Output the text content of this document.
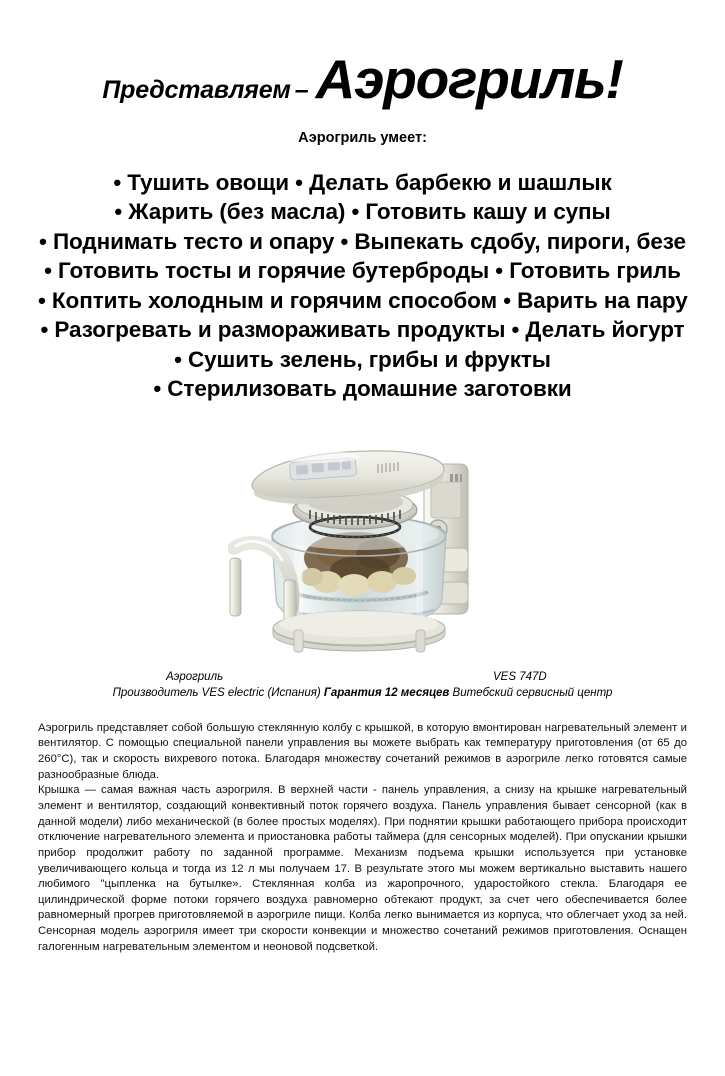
Представляем – Аэрогриль!
Аэрогриль умеет:
• Тушить овощи • Делать барбекю и шашлык
• Жарить (без масла) • Готовить кашу и супы
• Поднимать тесто и опару • Выпекать сдобу, пироги, безе
• Готовить тосты и горячие бутерброды • Готовить гриль
• Коптить холодным и горячим способом • Варить на пару
• Разогревать и размораживать продукты • Делать йогурт
• Сушить зелень, грибы и фрукты
• Стерилизовать домашние заготовки
Аэрогриль	VES 747D
Производитель VES electric (Испания) Гарантия 12 месяцев Витебский сервисный центр

Аэрогриль представляет собой большую стеклянную колбу с крышкой, в которую вмонтирован нагревательный элемент и вентилятор. С помощью специальной панели управления вы можете выбрать как температуру приготовления (от 65 до 260°С), так и скорость вихревого потока. Благодаря множеству сочетаний режимов в аэрогриле легко готовятся самые разнообразные блюда.

Крышка — самая важная часть аэрогриля. В верхней части - панель управления, а снизу на крышке нагревательный элемент и вентилятор, создающий конвективный поток горячего воздуха. Панель управления бывает сенсорной (как в данной модели) либо механической (в более простых моделях). При поднятии крышки работающего прибора происходит отключение нагревательного элемента и приостановка работы таймера (для сенсорных моделей). При опускании крышки прибор продолжит работу по заданной программе. Механизм подъема крышки используется при установке увеличивающего кольца и тогда из 12 л мы получаем 17. В результате этого мы можем вертикально выставить нашего любимого "цыпленка на бутылке». Стеклянная колба из жаропрочного, ударостойкого стекла. Благодаря ее цилиндрической форме потоки горячего воздуха равномерно обтекают продукт, за счет чего обеспечивается более равномерный прогрев приготовляемой в аэрогриле пищи. Колба легко вынимается из корпуса, что облегчает уход за ней. Сенсорная модель аэрогриля имеет три скорости конвекции и множество сочетаний режимов приготовления. Оснащен галогенным нагревательным элементом и неоновой подсветкой.
